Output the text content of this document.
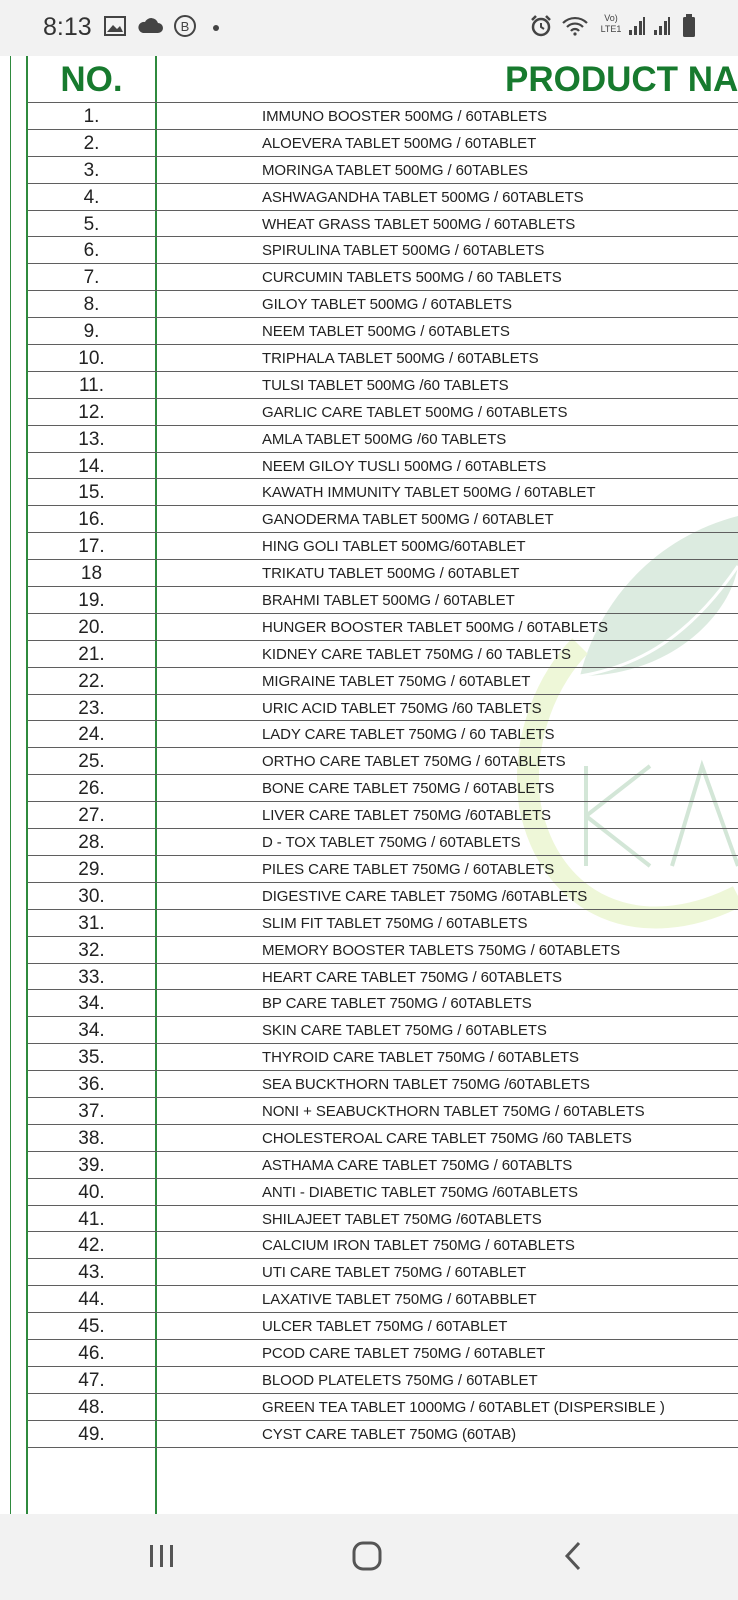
8:13	B
Vo)
LTE1
NO.	PRODUCT NA
1.	IMMUNO BOOSTER 500MG / 60TABLETS
2.	ALOEVERA TABLET 500MG / 60TABLET
3.	MORINGA TABLET 500MG / 60TABLES
4.	ASHWAGANDHA TABLET 500MG / 60TABLETS
5.	WHEAT GRASS TABLET 500MG / 60TABLETS
6.	SPIRULINA TABLET 500MG / 60TABLETS
7.	CURCUMIN TABLETS 500MG / 60 TABLETS
8.	GILOY TABLET 500MG / 60TABLETS
9.	NEEM TABLET 500MG / 60TABLETS
10.	TRIPHALA TABLET 500MG / 60TABLETS
11.	TULSI TABLET 500MG /60 TABLETS
12.	GARLIC CARE TABLET 500MG / 60TABLETS
13.	AMLA TABLET 500MG /60 TABLETS
14.	NEEM GILOY TUSLI 500MG / 60TABLETS
15.	KAWATH IMMUNITY TABLET 500MG / 60TABLET
16.	GANODERMA TABLET 500MG / 60TABLET
17.	HING GOLI TABLET 500MG/60TABLET
18	TRIKATU TABLET 500MG / 60TABLET
19.	BRAHMI TABLET 500MG / 60TABLET
20.	HUNGER BOOSTER TABLET 500MG / 60TABLETS
21.	KIDNEY CARE TABLET 750MG / 60 TABLETS
22.	MIGRAINE TABLET 750MG / 60TABLET
23.	URIC ACID TABLET 750MG /60 TABLETS
24.	LADY CARE TABLET 750MG / 60 TABLETS
25.	ORTHO CARE TABLET 750MG / 60TABLETS
26.	BONE CARE TABLET 750MG / 60TABLETS
27.	LIVER CARE TABLET 750MG /60TABLETS
28.	D - TOX TABLET 750MG / 60TABLETS
29.	PILES CARE TABLET 750MG / 60TABLETS
30.	DIGESTIVE CARE TABLET 750MG /60TABLETS
31.	SLIM FIT TABLET 750MG / 60TABLETS
32.	MEMORY BOOSTER TABLETS 750MG / 60TABLETS
33.	HEART CARE TABLET 750MG / 60TABLETS
34.	BP CARE TABLET 750MG / 60TABLETS
34.	SKIN CARE TABLET 750MG / 60TABLETS
35.	THYROID CARE TABLET 750MG / 60TABLETS
36.	SEA BUCKTHORN TABLET 750MG /60TABLETS
37.	NONI + SEABUCKTHORN TABLET 750MG / 60TABLETS
38.	CHOLESTEROAL CARE TABLET 750MG /60 TABLETS
39.	ASTHAMA CARE TABLET 750MG / 60TABLTS
40.	ANTI - DIABETIC TABLET 750MG /60TABLETS
41.	SHILAJEET TABLET 750MG /60TABLETS
42.	CALCIUM IRON TABLET 750MG / 60TABLETS
43.	UTI CARE TABLET 750MG / 60TABLET
44.	LAXATIVE TABLET 750MG / 60TABBLET
45.	ULCER TABLET 750MG / 60TABLET
46.	PCOD CARE TABLET 750MG / 60TABLET
47.	BLOOD PLATELETS 750MG / 60TABLET
48.	GREEN TEA TABLET 1000MG / 60TABLET (DISPERSIBLE )
49.	CYST CARE TABLET 750MG (60TAB)
